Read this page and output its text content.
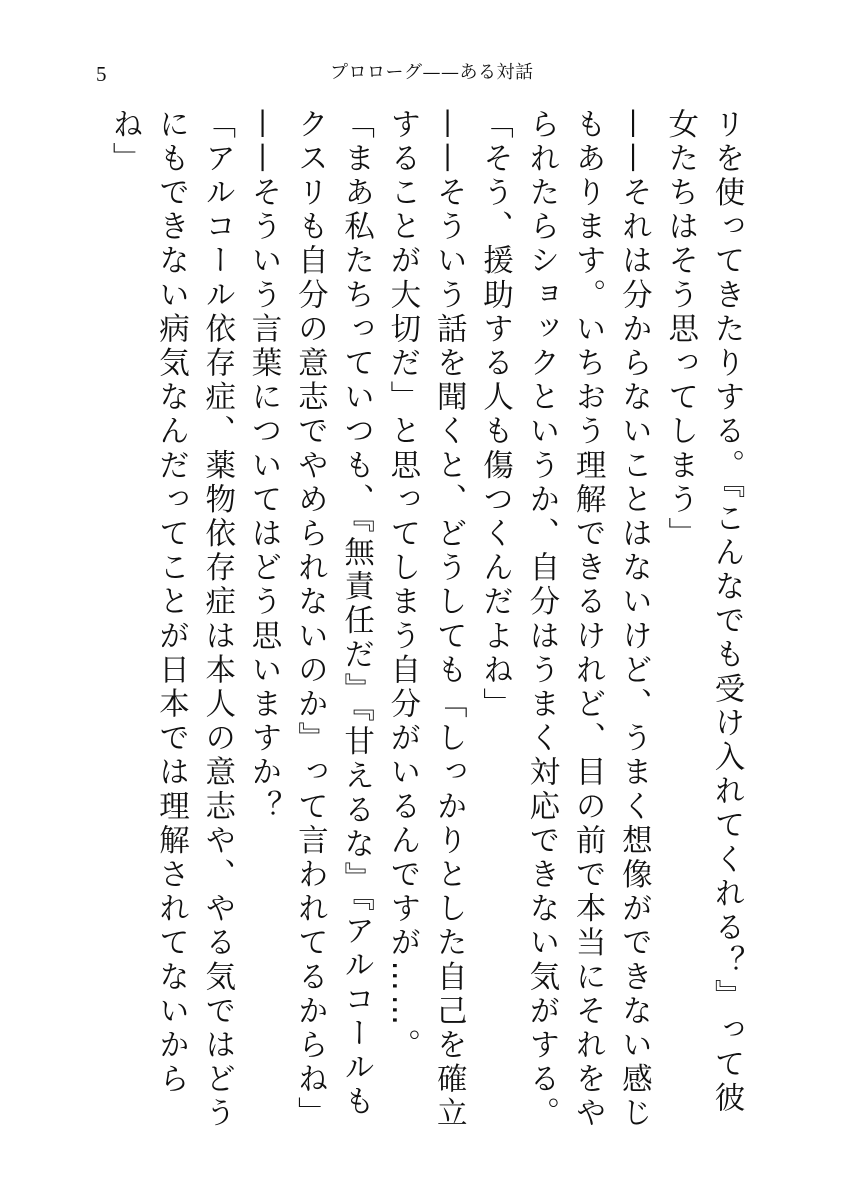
5	プロローグ——ある対話

リを使ってきたりする。『こんなでも受け入れてくれる？』って彼女たちはそう思ってしまう」

——それは分からないことはないけど、うまく想像ができない感じもあります。いちおう理解できるけれど、目の前で本当にそれをやられたらショックというか、自分はうまく対応できない気がする。

「そう、援助する人も傷つくんだよね」

——そういう話を聞くと、どうしても「しっかりとした自己を確立することが大切だ」と思ってしまう自分がいるんですが……。

「まあ私たちっていつも、『無責任だ』『甘えるな』『アルコールもクスリも自分の意志でやめられないのか』って言われてるからね」

——そういう言葉についてはどう思いますか？

「アルコール依存症、薬物依存症は本人の意志や、やる気ではどうにもできない病気なんだってことが日本では理解されてないからね」
